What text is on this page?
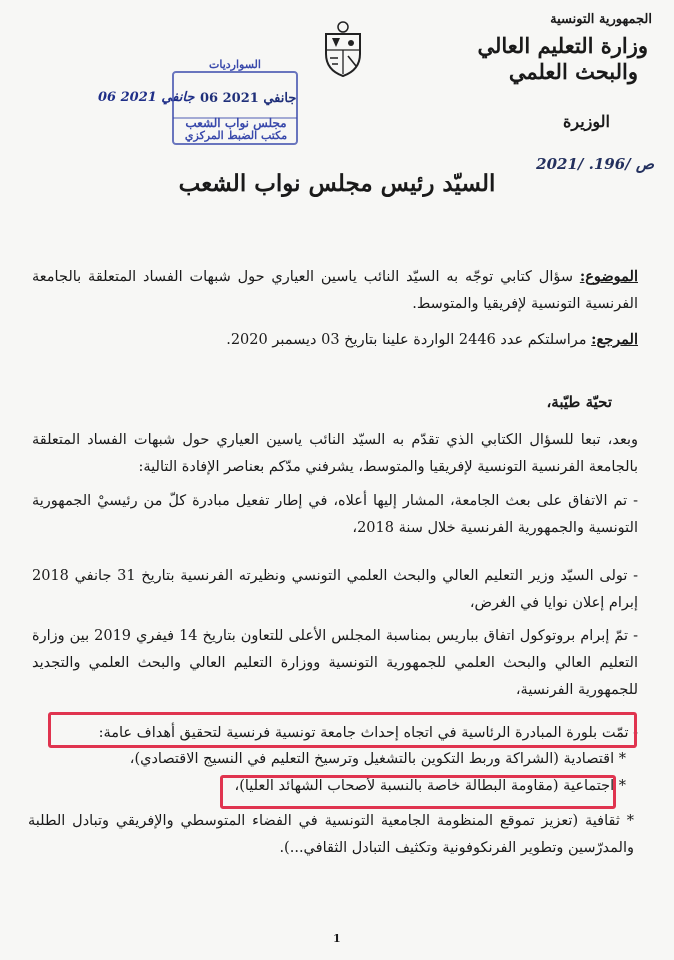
الجمهورية التونسية
وزارة التعليم العالي
والبحث العلمي
الوزيرة
2021/ .196/ ص
06 جانفي 2021
السوارديات
06 جانفي 2021
مجلس نواب الشعب
مكتب الضبط المركزي
السيّد رئيس مجلس نواب الشعب
الموضوع: سؤال كتابي توجّه به السيّد النائب ياسين العياري حول شبهات الفساد المتعلقة بالجامعة الفرنسية التونسية لإفريقيا والمتوسط.
المرجع: مراسلتكم عدد 2446 الواردة علينا بتاريخ 03 ديسمبر 2020.
تحيّة طيّبة،
وبعد، تبعا للسؤال الكتابي الذي تقدّم به السيّد النائب ياسين العياري حول شبهات الفساد المتعلقة بالجامعة الفرنسية التونسية لإفريقيا والمتوسط، يشرفني مدّكم بعناصر الإفادة التالية:
- تم الاتفاق على بعث الجامعة، المشار إليها أعلاه، في إطار تفعيل مبادرة كلّ من رئيسيْ الجمهورية التونسية والجمهورية الفرنسية خلال سنة 2018،
- تولى السيّد وزير التعليم العالي والبحث العلمي التونسي ونظيرته الفرنسية بتاريخ 31 جانفي 2018 إبرام إعلان نوايا في الغرض،
- تمّ إبرام بروتوكول اتفاق بباريس بمناسبة المجلس الأعلى للتعاون بتاريخ 14 فيفري 2019 بين وزارة التعليم العالي والبحث العلمي للجمهورية التونسية ووزارة التعليم العالي والبحث العلمي والتجديد للجمهورية الفرنسية،
- تمّت بلورة المبادرة الرئاسية في اتجاه إحداث جامعة تونسية فرنسية لتحقيق أهداف عامة:
* اقتصادية (الشراكة وربط التكوين بالتشغيل وترسيخ التعليم في النسيج الاقتصادي)،
* اجتماعية (مقاومة البطالة خاصة بالنسبة لأصحاب الشهائد العليا)،
* ثقافية (تعزيز تموقع المنظومة الجامعية التونسية في الفضاء المتوسطي والإفريقي وتبادل الطلبة والمدرّسين وتطوير الفرنكوفونية وتكثيف التبادل الثقافي...).
1
